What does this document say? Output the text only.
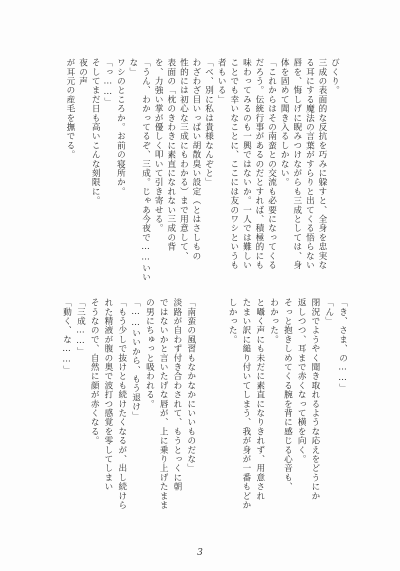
びくり。
三成の表面的な反抗を巧みに躱すと、全身を忠実な
る耳にする魔法の言葉がすらりと出てくる悟らない
唇を、悔しげに睨みつけながらも三成としては、身
体を固めて聞き入るしかない。
「これからはその南蛮との交流も必要になってくる
だろう。伝統行事があるのだとすれば、積極的にも
味わってみるのも一興ではないか。一人では難しい
ことでも幸いなことに、ここには友のワシというも
者もいる」
「べ、別に私は貴様なんぞと」
わざわざ目いっぱい胡散臭い設定（とはさしもの
性的には初心な三成にもわかる）まで用意して、
表面の「枕のきわきに素直になれない三成の背
を、力強い掌が優しく叩いて引き寄せる。
「うん、わかってるぞ、三成。じゃあ今夜で……いい
な」
ワシのところか。お前の寝所か。
「っ……」
そしてまだ日も高いこんな刻限に。
夜の声
が耳元の産毛を撫でる。
「き、さま、の……」
「ん」
閉況でようやく聞き取れるような応えをどうにか
返しつつ、耳まで赤くなって横を向く。
そっと抱きしめてくる腕を背に感じる心音も、
わかった。
と囁く声にも未だに素直になりきれず、用意され
たまい訳に縋り付いてしまう、我が身が一番もどか
しかった。
「南蛮の風習もなかなかにいいものだな」
淡路が自わず付き合わされて、もうとっくに朝
ではないかと言いたげな唇が、上に乗り上げたまま
の男にちゅっと吸われる。
「……いいから、もう退け」
「もう少しで抜けとも続けたくなるが、出し続けら
れた精液が腹の奥で波打つ感覚を零してしまい
そうなので、自然に顔が赤くなる。
「三成……」
「動く、な……」
3
